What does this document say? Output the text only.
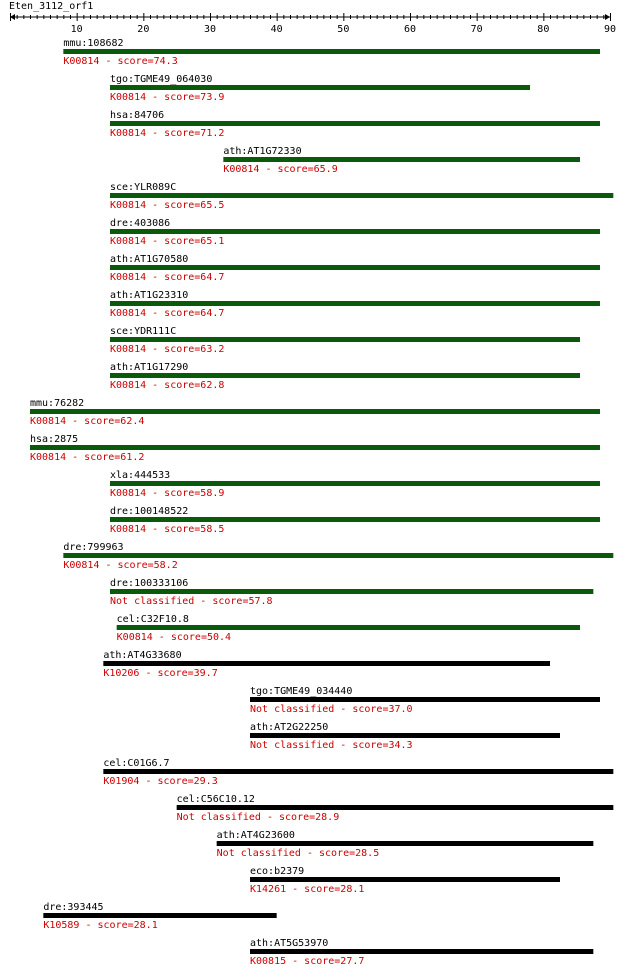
Eten_3112_orf1
10	20	30	40	50	60	70	80	90
mmu:108682
K00814 - score=74.3
tgo:TGME49_064030
K00814 - score=73.9
hsa:84706
K00814 - score=71.2
ath:AT1G72330
K00814 - score=65.9
sce:YLR089C
K00814 - score=65.5
dre:403086
K00814 - score=65.1
ath:AT1G70580
K00814 - score=64.7
ath:AT1G23310
K00814 - score=64.7
sce:YDR111C
K00814 - score=63.2
ath:AT1G17290
K00814 - score=62.8
mmu:76282
K00814 - score=62.4
hsa:2875
K00814 - score=61.2
xla:444533
K00814 - score=58.9
dre:100148522
K00814 - score=58.5
dre:799963
K00814 - score=58.2
dre:100333106
Not classified - score=57.8
cel:C32F10.8
K00814 - score=50.4
ath:AT4G33680
K10206 - score=39.7
tgo:TGME49_034440
Not classified - score=37.0
ath:AT2G22250
Not classified - score=34.3
cel:C01G6.7
K01904 - score=29.3
cel:C56C10.12
Not classified - score=28.9
ath:AT4G23600
Not classified - score=28.5
eco:b2379
K14261 - score=28.1
dre:393445
K10589 - score=28.1
ath:AT5G53970
K00815 - score=27.7
